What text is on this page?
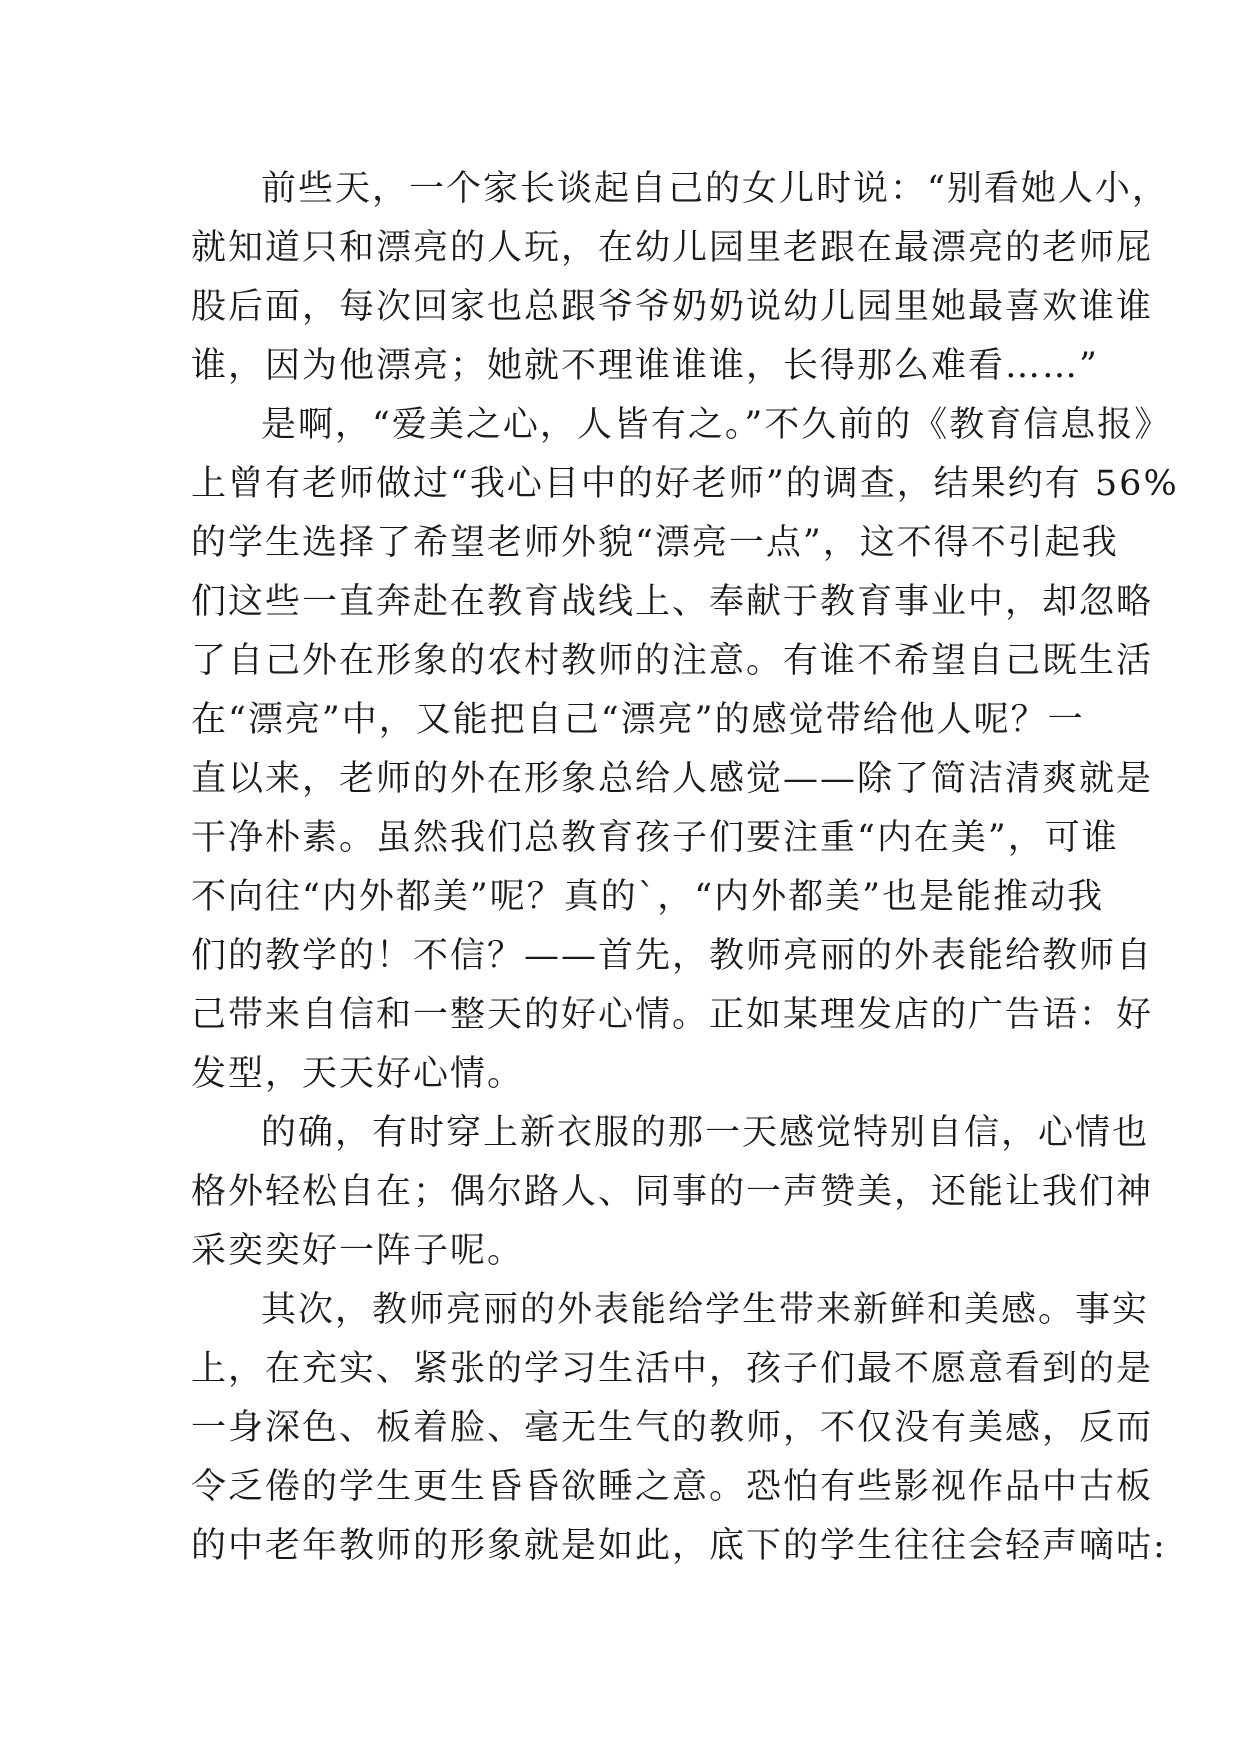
前些天，一个家长谈起自己的女儿时说：“别看她人小，
就知道只和漂亮的人玩，在幼儿园里老跟在最漂亮的老师屁
股后面，每次回家也总跟爷爷奶奶说幼儿园里她最喜欢谁谁
谁，因为他漂亮；她就不理谁谁谁，长得那么难看……”

是啊，“爱美之心，人皆有之。”不久前的《教育信息报》
上曾有老师做过“我心目中的好老师”的调查，结果约有 56%
的学生选择了希望老师外貌“漂亮一点”，这不得不引起我
们这些一直奔赴在教育战线上、奉献于教育事业中，却忽略
了自己外在形象的农村教师的注意。有谁不希望自己既生活
在“漂亮”中，又能把自己“漂亮”的感觉带给他人呢？一
直以来，老师的外在形象总给人感觉——除了简洁清爽就是
干净朴素。虽然我们总教育孩子们要注重“内在美”，可谁
不向往“内外都美”呢？真的`，“内外都美”也是能推动我
们的教学的！不信？——首先，教师亮丽的外表能给教师自
己带来自信和一整天的好心情。正如某理发店的广告语：好
发型，天天好心情。

的确，有时穿上新衣服的那一天感觉特别自信，心情也
格外轻松自在；偶尔路人、同事的一声赞美，还能让我们神
采奕奕好一阵子呢。

其次，教师亮丽的外表能给学生带来新鲜和美感。事实
上，在充实、紧张的学习生活中，孩子们最不愿意看到的是
一身深色、板着脸、毫无生气的教师，不仅没有美感，反而
令乏倦的学生更生昏昏欲睡之意。恐怕有些影视作品中古板
的中老年教师的形象就是如此，底下的学生往往会轻声嘀咕:
